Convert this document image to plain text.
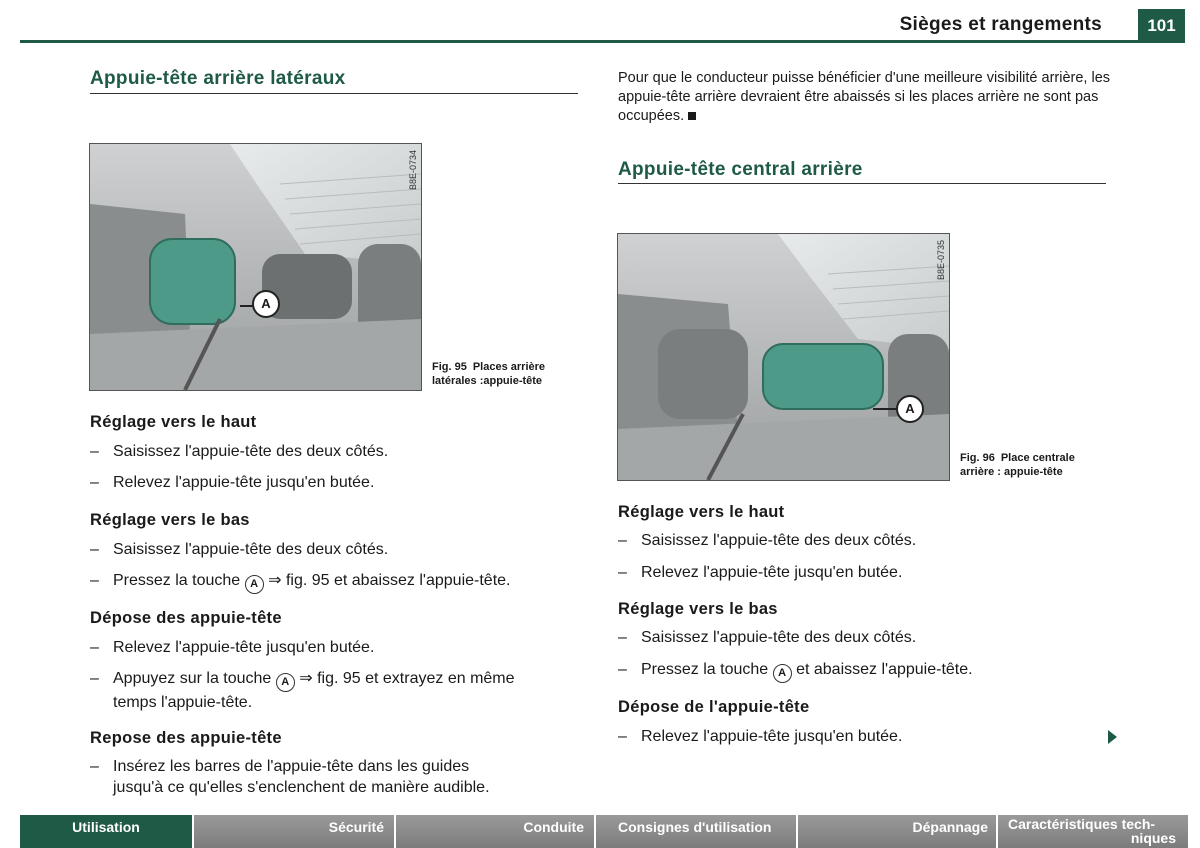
Sièges et rangements	101
Appuie-tête arrière latéraux
A
B8E-0734
Fig. 95 Places arrière latérales :appuie-tête
Réglage vers le haut
– Saisissez l'appuie-tête des deux côtés.
– Relevez l'appuie-tête jusqu'en butée.
Réglage vers le bas
– Saisissez l'appuie-tête des deux côtés.
– Pressez la touche A ⇒ fig. 95 et abaissez l'appuie-tête.
Dépose des appuie-tête
– Relevez l'appuie-tête jusqu'en butée.
– Appuyez sur la touche A ⇒ fig. 95 et extrayez en même
temps l'appuie-tête.
Repose des appuie-tête
– Insérez les barres de l'appuie-tête dans les guides
jusqu'à ce qu'elles s'enclenchent de manière audible.
Pour que le conducteur puisse bénéficier d'une meilleure visibilité arrière, les appuie-tête arrière devraient être abaissés si les places arrière ne sont pas occupées.
Appuie-tête central arrière
A
B8E-0735
Fig. 96 Place centrale arrière : appuie-tête
Réglage vers le haut
– Saisissez l'appuie-tête des deux côtés.
– Relevez l'appuie-tête jusqu'en butée.
Réglage vers le bas
– Saisissez l'appuie-tête des deux côtés.
– Pressez la touche A et abaissez l'appuie-tête.
Dépose de l'appuie-tête
– Relevez l'appuie-tête jusqu'en butée.
Utilisation	Sécurité	Conduite	Consignes d'utilisation	Dépannage	Caractéristiques tech-
niques
